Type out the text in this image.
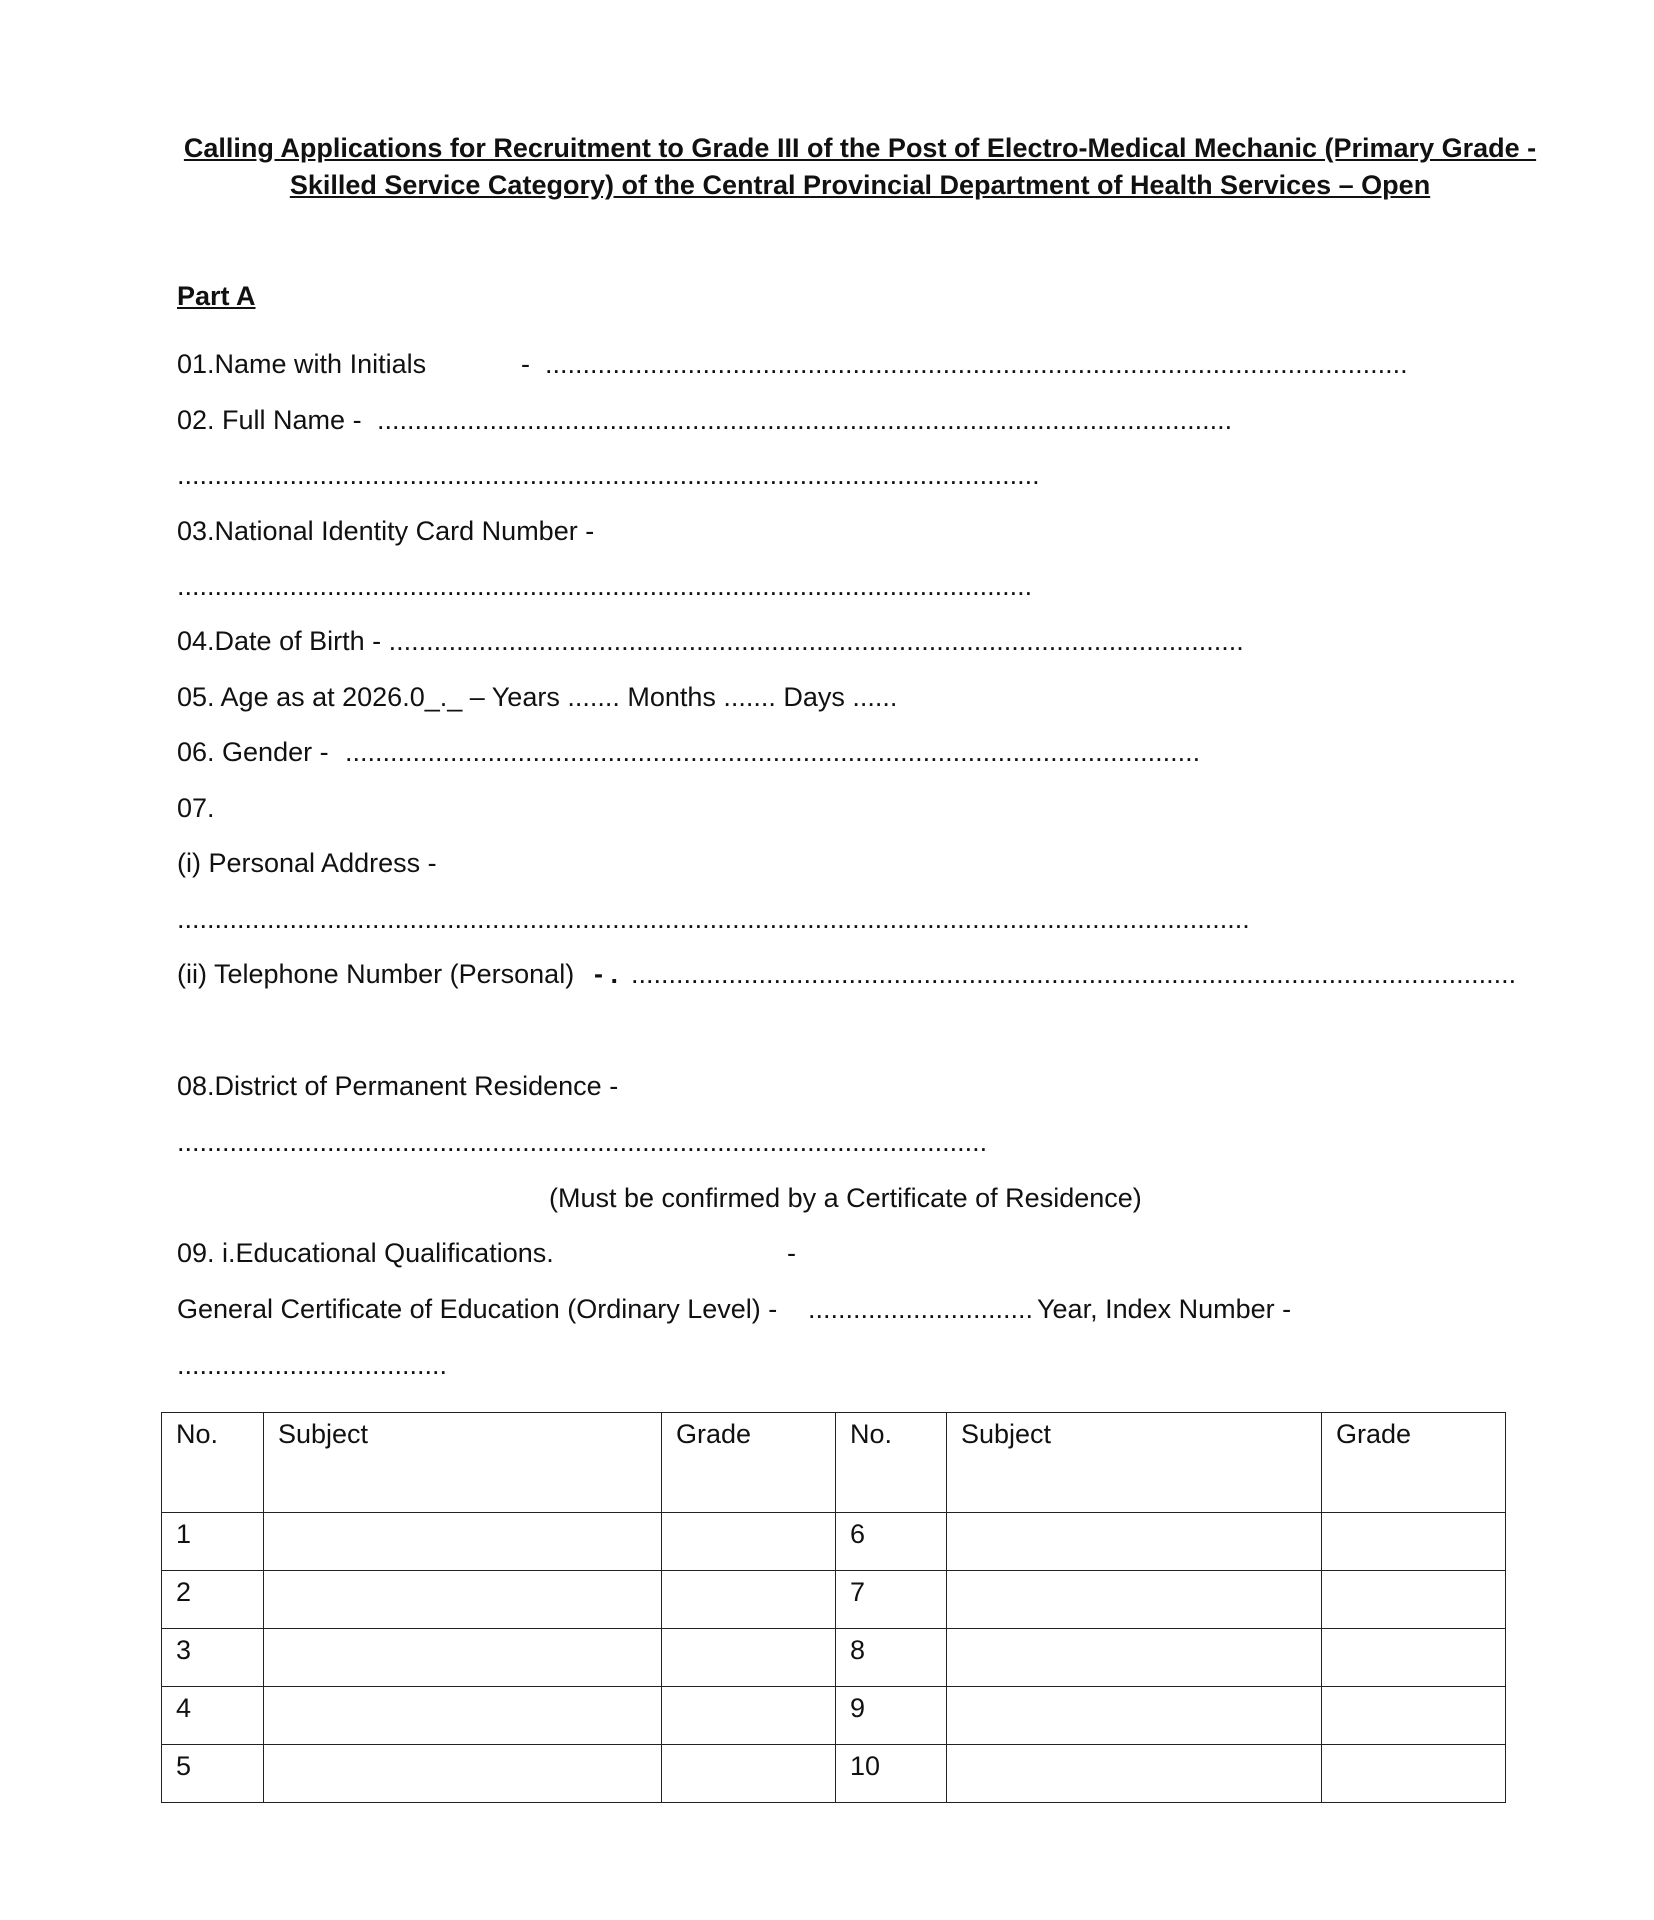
Calling Applications for Recruitment to Grade III of the Post of Electro-Medical Mechanic (Primary Grade -
Skilled Service Category) of the Central Provincial Department of Health Services – Open
Part A
01.Name with Initials	- ...................................................................................................................
02. Full Name - ..................................................................................................................
...................................................................................................................
03.National Identity Card Number -
..................................................................................................................
04.Date of Birth - ..................................................................................................................
05. Age as at 2026.0_._ – Years ....... Months ....... Days ......
06. Gender - ..................................................................................................................
07.
(i) Personal Address -
...............................................................................................................................................
(ii) Telephone Number (Personal) - . ......................................................................................................................
08.District of Permanent Residence -
............................................................................................................
(Must be confirmed by a Certificate of Residence)
09. i.Educational Qualifications.	-
General Certificate of Education (Ordinary Level) - .............................. Year, Index Number -
....................................
No.	Subject	Grade	No.	Subject	Grade
1			6		
2			7		
3			8		
4			9		
5			10		
